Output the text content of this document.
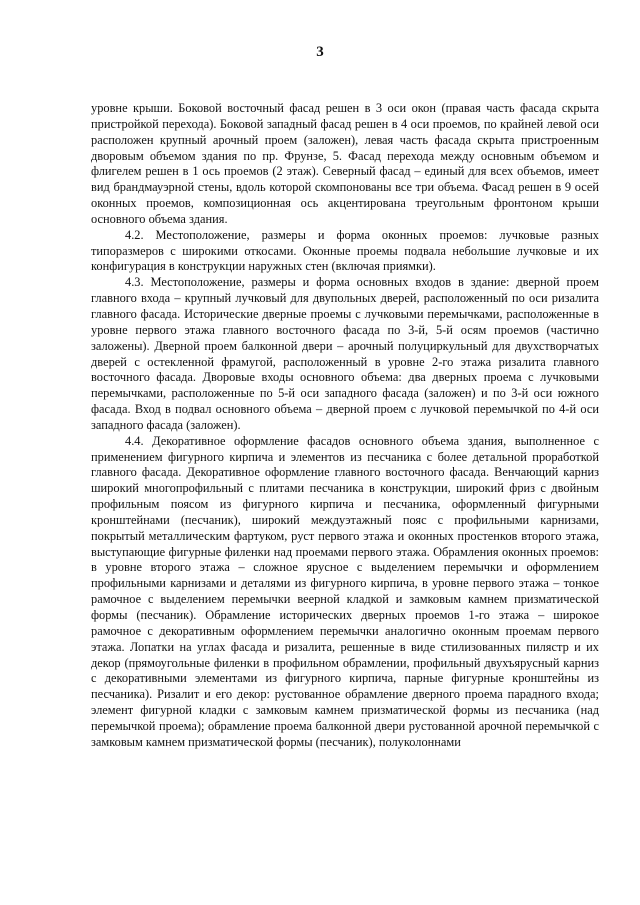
3

уровне крыши. Боковой восточный фасад решен в 3 оси окон (правая часть фасада скрыта пристройкой перехода). Боковой западный фасад решен в 4 оси проемов, по крайней левой оси расположен крупный арочный проем (заложен), левая часть фасада скрыта пристроенным дворовым объемом здания по пр. Фрунзе, 5. Фасад перехода между основным объемом и флигелем решен в 1 ось проемов (2 этаж). Северный фасад – единый для всех объемов, имеет вид брандмауэрной стены, вдоль которой скомпонованы все три объема. Фасад решен в 9 осей оконных проемов, композиционная ось акцентирована треугольным фронтоном крыши основного объема здания.

4.2. Местоположение, размеры и форма оконных проемов: лучковые разных типоразмеров с широкими откосами. Оконные проемы подвала небольшие лучковые и их конфигурация в конструкции наружных стен (включая приямки).

4.3. Местоположение, размеры и форма основных входов в здание: дверной проем главного входа – крупный лучковый для двупольных дверей, расположенный по оси ризалита главного фасада. Исторические дверные проемы с лучковыми перемычками, расположенные в уровне первого этажа главного восточного фасада по 3-й, 5-й осям проемов (частично заложены). Дверной проем балконной двери – арочный полуциркульный для двухстворчатых дверей с остекленной фрамугой, расположенный в уровне 2-го этажа ризалита главного восточного фасада. Дворовые входы основного объема: два дверных проема с лучковыми перемычками, расположенные по 5-й оси западного фасада (заложен) и по 3-й оси южного фасада. Вход в подвал основного объема – дверной проем с лучковой перемычкой по 4-й оси западного фасада (заложен).

4.4. Декоративное оформление фасадов основного объема здания, выполненное с применением фигурного кирпича и элементов из песчаника с более детальной проработкой главного фасада. Декоративное оформление главного восточного фасада. Венчающий карниз широкий многопрофильный с плитами песчаника в конструкции, широкий фриз с двойным профильным поясом из фигурного кирпича и песчаника, оформленный фигурными кронштейнами (песчаник), широкий междуэтажный пояс с профильными карнизами, покрытый металлическим фартуком, руст первого этажа и оконных простенков второго этажа, выступающие фигурные филенки над проемами первого этажа. Обрамления оконных проемов: в уровне второго этажа – сложное ярусное с выделением перемычки и оформлением профильными карнизами и деталями из фигурного кирпича, в уровне первого этажа – тонкое рамочное с выделением перемычки веерной кладкой и замковым камнем призматической формы (песчаник). Обрамление исторических дверных проемов 1-го этажа – широкое рамочное с декоративным оформлением перемычки аналогично оконным проемам первого этажа. Лопатки на углах фасада и ризалита, решенные в виде стилизованных пилястр и их декор (прямоугольные филенки в профильном обрамлении, профильный двухъярусный карниз с декоративными элементами из фигурного кирпича, парные фигурные кронштейны из песчаника). Ризалит и его декор: рустованное обрамление дверного проема парадного входа; элемент фигурной кладки с замковым камнем призматической формы из песчаника (над перемычкой проема); обрамление проема балконной двери рустованной арочной перемычкой с замковым камнем призматической формы (песчаник), полуколоннами
